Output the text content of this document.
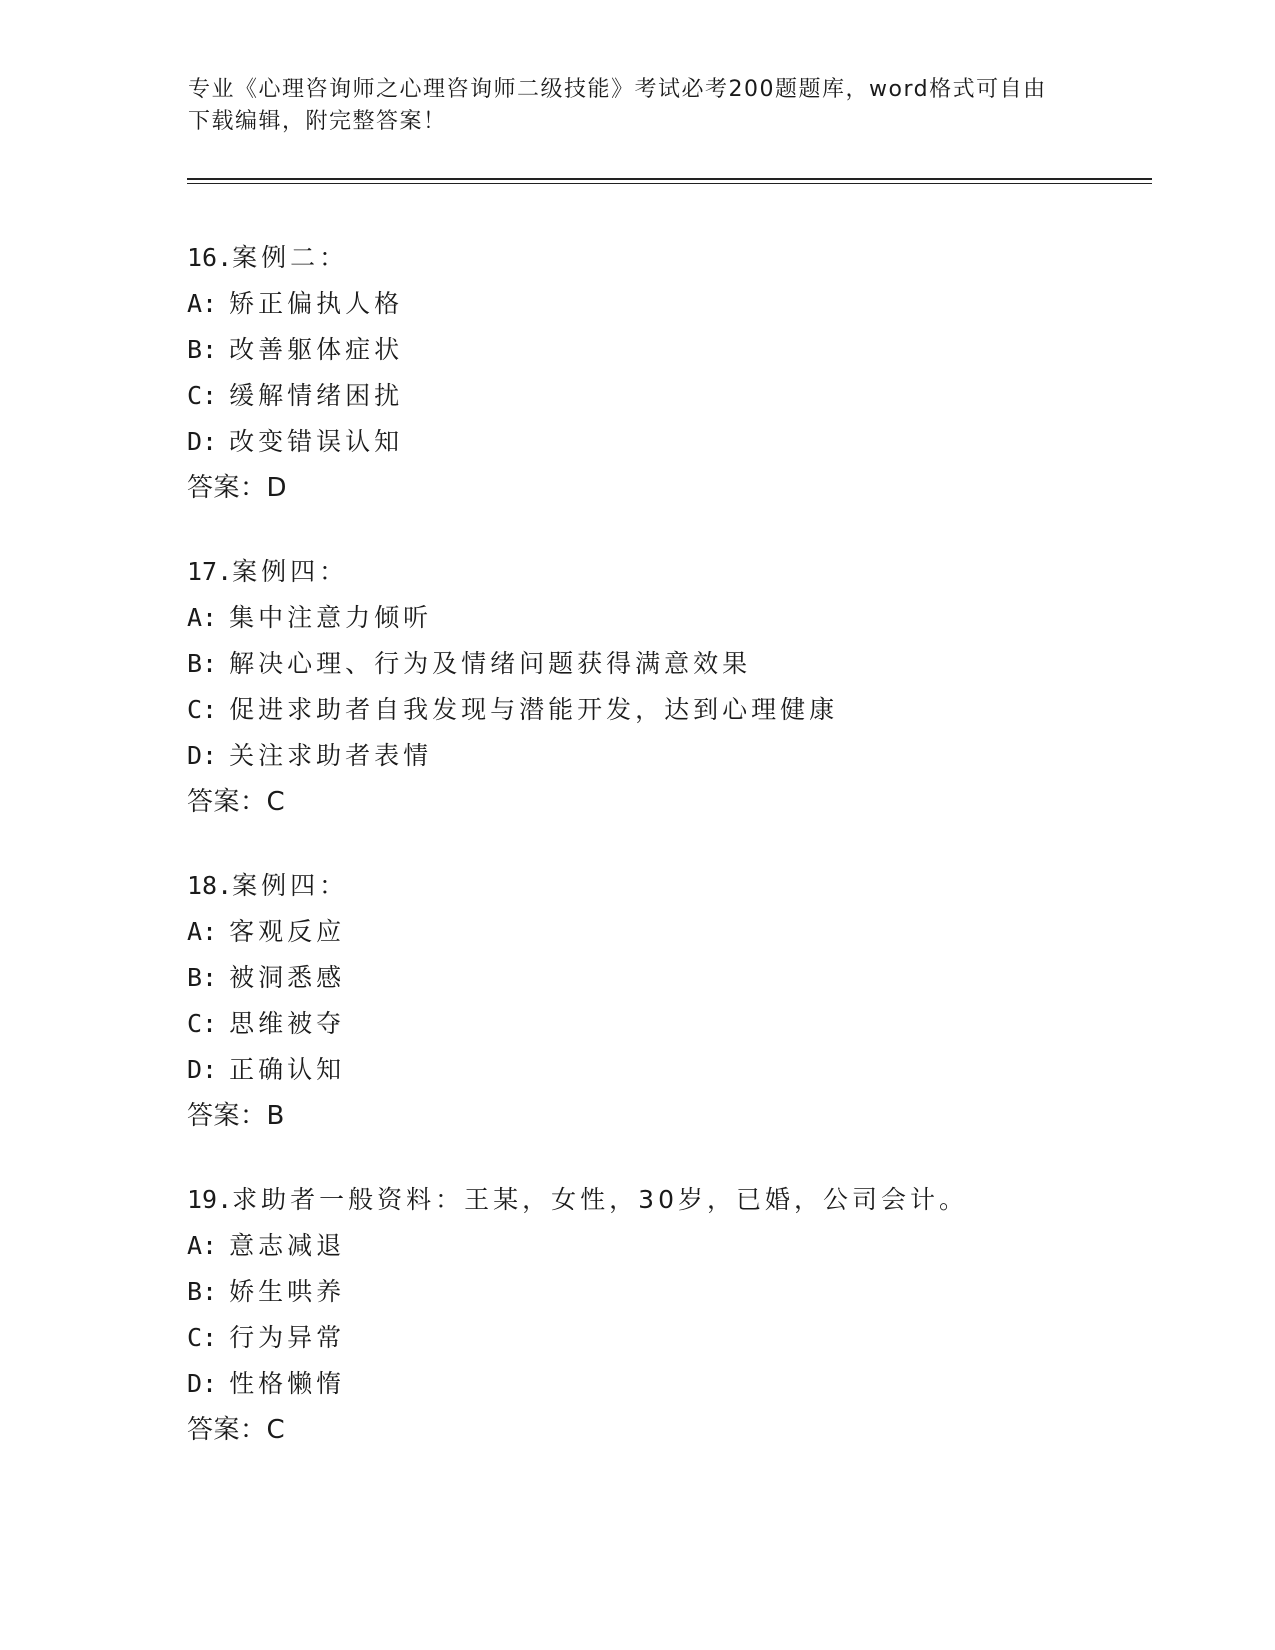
专业《心理咨询师之心理咨询师二级技能》考试必考200题题库，word格式可自由下载编辑，附完整答案！
16.案例二：
A: 矫正偏执人格
B: 改善躯体症状
C: 缓解情绪困扰
D: 改变错误认知
答案：D
17.案例四：
A: 集中注意力倾听
B: 解决心理、行为及情绪问题获得满意效果
C: 促进求助者自我发现与潜能开发，达到心理健康
D: 关注求助者表情
答案：C
18.案例四：
A: 客观反应
B: 被洞悉感
C: 思维被夺
D: 正确认知
答案：B
19.求助者一般资料：王某，女性，30岁，已婚，公司会计。
A: 意志减退
B: 娇生哄养
C: 行为异常
D: 性格懒惰
答案：C
